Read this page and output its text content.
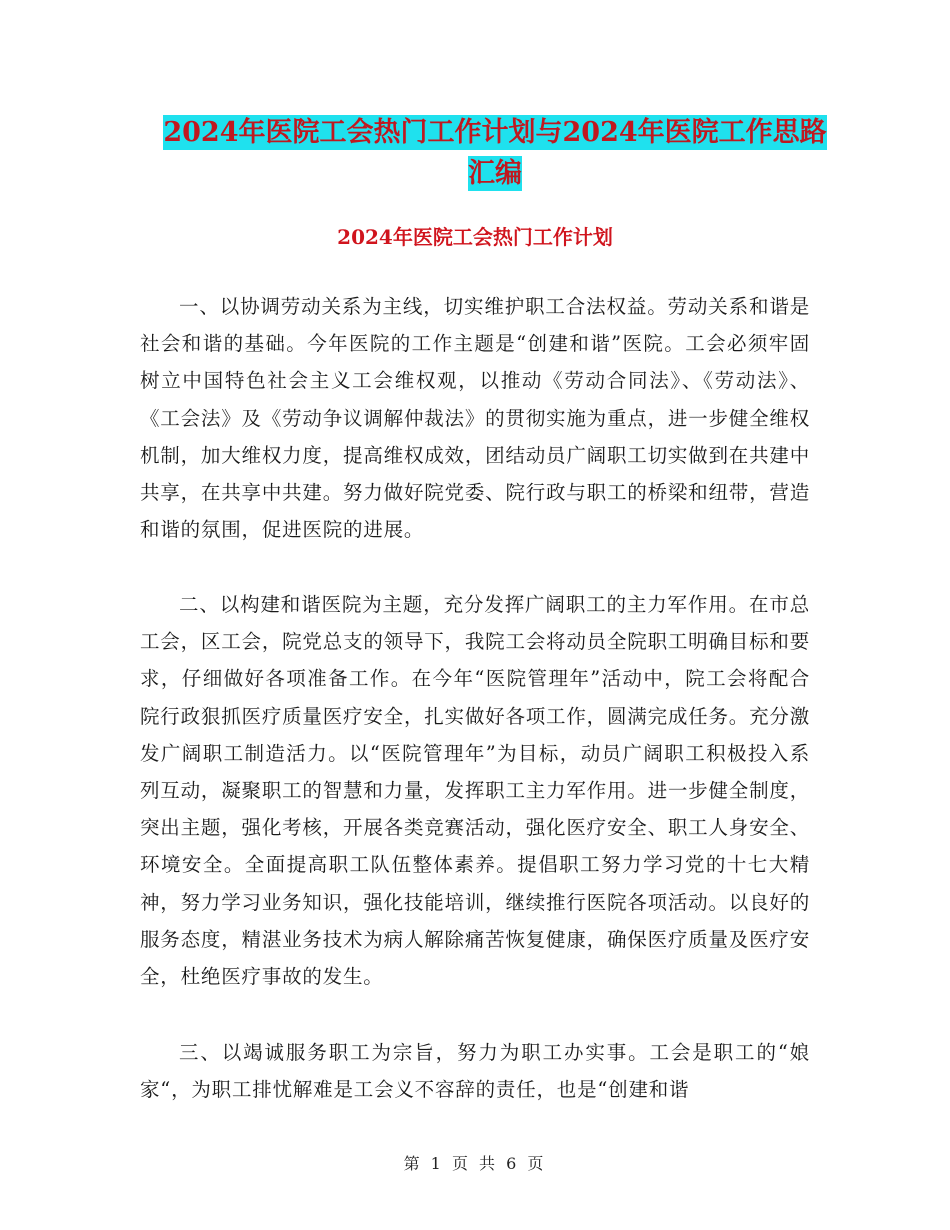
2024年医院工会热门工作计划与2024年医院工作思路
汇编
2024年医院工会热门工作计划

一、以协调劳动关系为主线，切实维护职工合法权益。劳动关系和谐是社会和谐的基础。今年医院的工作主题是“创建和谐”医院。工会必须牢固树立中国特色社会主义工会维权观，以推动《劳动合同法》、《劳动法》、《工会法》及《劳动争议调解仲裁法》的贯彻实施为重点，进一步健全维权机制，加大维权力度，提高维权成效，团结动员广阔职工切实做到在共建中共享，在共享中共建。努力做好院党委、院行政与职工的桥梁和纽带，营造和谐的氛围，促进医院的进展。

二、以构建和谐医院为主题，充分发挥广阔职工的主力军作用。在市总工会，区工会，院党总支的领导下，我院工会将动员全院职工明确目标和要求，仔细做好各项准备工作。在今年“医院管理年”活动中，院工会将配合院行政狠抓医疗质量医疗安全，扎实做好各项工作，圆满完成任务。充分激发广阔职工制造活力。以“医院管理年”为目标，动员广阔职工积极投入系列互动，凝聚职工的智慧和力量，发挥职工主力军作用。进一步健全制度，突出主题，强化考核，开展各类竞赛活动，强化医疗安全、职工人身安全、环境安全。全面提高职工队伍整体素养。提倡职工努力学习党的十七大精神，努力学习业务知识，强化技能培训，继续推行医院各项活动。以良好的服务态度，精湛业务技术为病人解除痛苦恢复健康，确保医疗质量及医疗安全，杜绝医疗事故的发生。

三、以竭诚服务职工为宗旨，努力为职工办实事。工会是职工的“娘家“，为职工排忧解难是工会义不容辞的责任，也是“创建和谐

第 1 页 共 6 页
